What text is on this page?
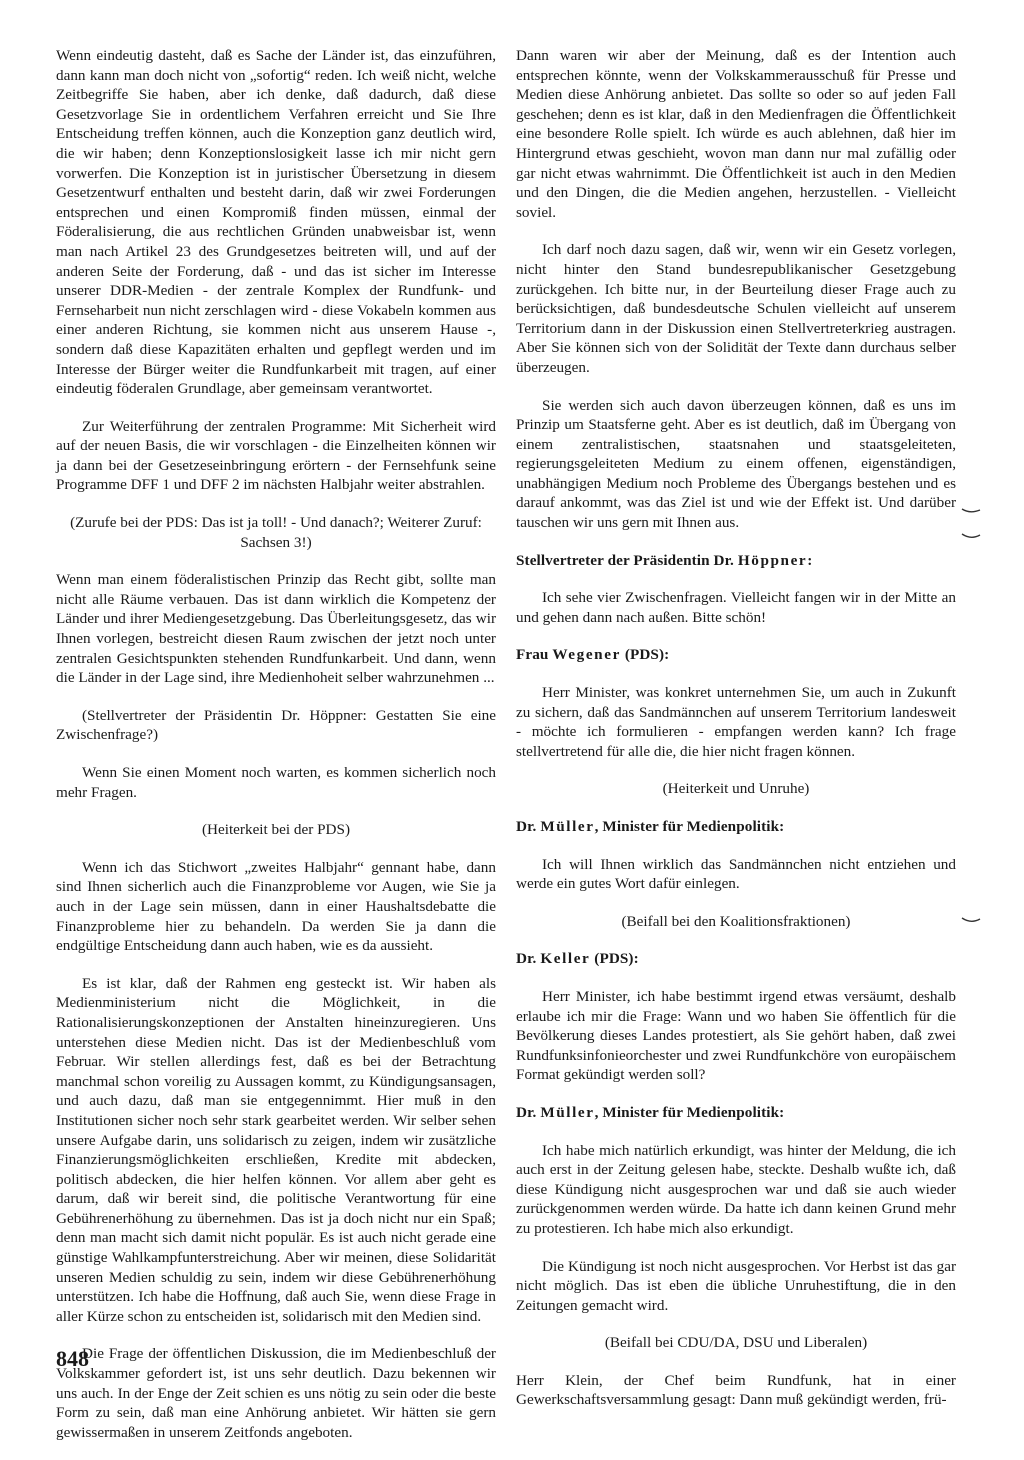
Wenn eindeutig dasteht, daß es Sache der Länder ist, das einzuführen, dann kann man doch nicht von „sofortig“ reden. Ich weiß nicht, welche Zeitbegriffe Sie haben, aber ich denke, daß dadurch, daß diese Gesetzvorlage Sie in ordentlichem Verfahren erreicht und Sie Ihre Entscheidung treffen können, auch die Konzeption ganz deutlich wird, die wir haben; denn Konzeptionslosigkeit lasse ich mir nicht gern vorwerfen. Die Konzeption ist in juristischer Übersetzung in diesem Gesetzentwurf enthalten und besteht darin, daß wir zwei Forderungen entsprechen und einen Kompromiß finden müssen, einmal der Föderalisierung, die aus rechtlichen Gründen unabweisbar ist, wenn man nach Artikel 23 des Grundgesetzes beitreten will, und auf der anderen Seite der Forderung, daß - und das ist sicher im Interesse unserer DDR-Medien - der zentrale Komplex der Rundfunk- und Fernseharbeit nun nicht zerschlagen wird - diese Vokabeln kommen aus einer anderen Richtung, sie kommen nicht aus unserem Hause -, sondern daß diese Kapazitäten erhalten und gepflegt werden und im Interesse der Bürger weiter die Rundfunkarbeit mit tragen, auf einer eindeutig föderalen Grundlage, aber gemeinsam verantwortet.

Zur Weiterführung der zentralen Programme: Mit Sicherheit wird auf der neuen Basis, die wir vorschlagen - die Einzelheiten können wir ja dann bei der Gesetzeseinbringung erörtern - der Fernsehfunk seine Programme DFF 1 und DFF 2 im nächsten Halbjahr weiter abstrahlen.

(Zurufe bei der PDS: Das ist ja toll! - Und danach?; Weiterer Zuruf: Sachsen 3!)

Wenn man einem föderalistischen Prinzip das Recht gibt, sollte man nicht alle Räume verbauen. Das ist dann wirklich die Kompetenz der Länder und ihrer Mediengesetzgebung. Das Überleitungsgesetz, das wir Ihnen vorlegen, bestreicht diesen Raum zwischen der jetzt noch unter zentralen Gesichtspunkten stehenden Rundfunkarbeit. Und dann, wenn die Länder in der Lage sind, ihre Medienhoheit selber wahrzunehmen ...

(Stellvertreter der Präsidentin Dr. Höppner: Gestatten Sie eine Zwischenfrage?)

Wenn Sie einen Moment noch warten, es kommen sicherlich noch mehr Fragen.

(Heiterkeit bei der PDS)

Wenn ich das Stichwort „zweites Halbjahr“ gennant habe, dann sind Ihnen sicherlich auch die Finanzprobleme vor Augen, wie Sie ja auch in der Lage sein müssen, dann in einer Haushaltsdebatte die Finanzprobleme hier zu behandeln. Da werden Sie ja dann die endgültige Entscheidung dann auch haben, wie es da aussieht.

Es ist klar, daß der Rahmen eng gesteckt ist. Wir haben als Medienministerium nicht die Möglichkeit, in die Rationalisierungskonzeptionen der Anstalten hineinzuregieren. Uns unterstehen diese Medien nicht. Das ist der Medienbeschluß vom Februar. Wir stellen allerdings fest, daß es bei der Betrachtung manchmal schon voreilig zu Aussagen kommt, zu Kündigungsansagen, und auch dazu, daß man sie entgegennimmt. Hier muß in den Institutionen sicher noch sehr stark gearbeitet werden. Wir selber sehen unsere Aufgabe darin, uns solidarisch zu zeigen, indem wir zusätzliche Finanzierungsmöglichkeiten erschließen, Kredite mit abdecken, politisch abdecken, die hier helfen können. Vor allem aber geht es darum, daß wir bereit sind, die politische Verantwortung für eine Gebührenerhöhung zu übernehmen. Das ist ja doch nicht nur ein Spaß; denn man macht sich damit nicht populär. Es ist auch nicht gerade eine günstige Wahlkampfunterstreichung. Aber wir meinen, diese Solidarität unseren Medien schuldig zu sein, indem wir diese Gebührenerhöhung unterstützen. Ich habe die Hoffnung, daß auch Sie, wenn diese Frage in aller Kürze schon zu entscheiden ist, solidarisch mit den Medien sind.

Die Frage der öffentlichen Diskussion, die im Medienbeschluß der Volkskammer gefordert ist, ist uns sehr deutlich. Dazu bekennen wir uns auch. In der Enge der Zeit schien es uns nötig zu sein oder die beste Form zu sein, daß man eine Anhörung anbietet. Wir hätten sie gern gewissermaßen in unserem Zeitfonds angeboten.

Dann waren wir aber der Meinung, daß es der Intention auch entsprechen könnte, wenn der Volkskammerausschuß für Presse und Medien diese Anhörung anbietet. Das sollte so oder so auf jeden Fall geschehen; denn es ist klar, daß in den Medienfragen die Öffentlichkeit eine besondere Rolle spielt. Ich würde es auch ablehnen, daß hier im Hintergrund etwas geschieht, wovon man dann nur mal zufällig oder gar nicht etwas wahrnimmt. Die Öffentlichkeit ist auch in den Medien und den Dingen, die die Medien angehen, herzustellen. - Vielleicht soviel.

Ich darf noch dazu sagen, daß wir, wenn wir ein Gesetz vorlegen, nicht hinter den Stand bundesrepublikanischer Gesetzgebung zurückgehen. Ich bitte nur, in der Beurteilung dieser Frage auch zu berücksichtigen, daß bundesdeutsche Schulen vielleicht auf unserem Territorium dann in der Diskussion einen Stellvertreterkrieg austragen. Aber Sie können sich von der Solidität der Texte dann durchaus selber überzeugen.

Sie werden sich auch davon überzeugen können, daß es uns im Prinzip um Staatsferne geht. Aber es ist deutlich, daß im Übergang von einem zentralistischen, staatsnahen und staatsgeleiteten, regierungsgeleiteten Medium zu einem offenen, eigenständigen, unabhängigen Medium noch Probleme des Übergangs bestehen und es darauf ankommt, was das Ziel ist und wie der Effekt ist. Und darüber tauschen wir uns gern mit Ihnen aus.

Stellvertreter der Präsidentin Dr. Höppner:

Ich sehe vier Zwischenfragen. Vielleicht fangen wir in der Mitte an und gehen dann nach außen. Bitte schön!

Frau Wegener (PDS):

Herr Minister, was konkret unternehmen Sie, um auch in Zukunft zu sichern, daß das Sandmännchen auf unserem Territorium landesweit - möchte ich formulieren - empfangen werden kann? Ich frage stellvertretend für alle die, die hier nicht fragen können.

(Heiterkeit und Unruhe)

Dr. Müller, Minister für Medienpolitik:

Ich will Ihnen wirklich das Sandmännchen nicht entziehen und werde ein gutes Wort dafür einlegen.

(Beifall bei den Koalitionsfraktionen)

Dr. Keller (PDS):

Herr Minister, ich habe bestimmt irgend etwas versäumt, deshalb erlaube ich mir die Frage: Wann und wo haben Sie öffentlich für die Bevölkerung dieses Landes protestiert, als Sie gehört haben, daß zwei Rundfunksinfonieorchester und zwei Rundfunkchöre von europäischem Format gekündigt werden soll?

Dr. Müller, Minister für Medienpolitik:

Ich habe mich natürlich erkundigt, was hinter der Meldung, die ich auch erst in der Zeitung gelesen habe, steckte. Deshalb wußte ich, daß diese Kündigung nicht ausgesprochen war und daß sie auch wieder zurückgenommen werden würde. Da hatte ich dann keinen Grund mehr zu protestieren. Ich habe mich also erkundigt.

Die Kündigung ist noch nicht ausgesprochen. Vor Herbst ist das gar nicht möglich. Das ist eben die übliche Unruhestiftung, die in den Zeitungen gemacht wird.

(Beifall bei CDU/DA, DSU und Liberalen)

Herr Klein, der Chef beim Rundfunk, hat in einer Gewerkschaftsversammlung gesagt: Dann muß gekündigt werden, frü-

848
